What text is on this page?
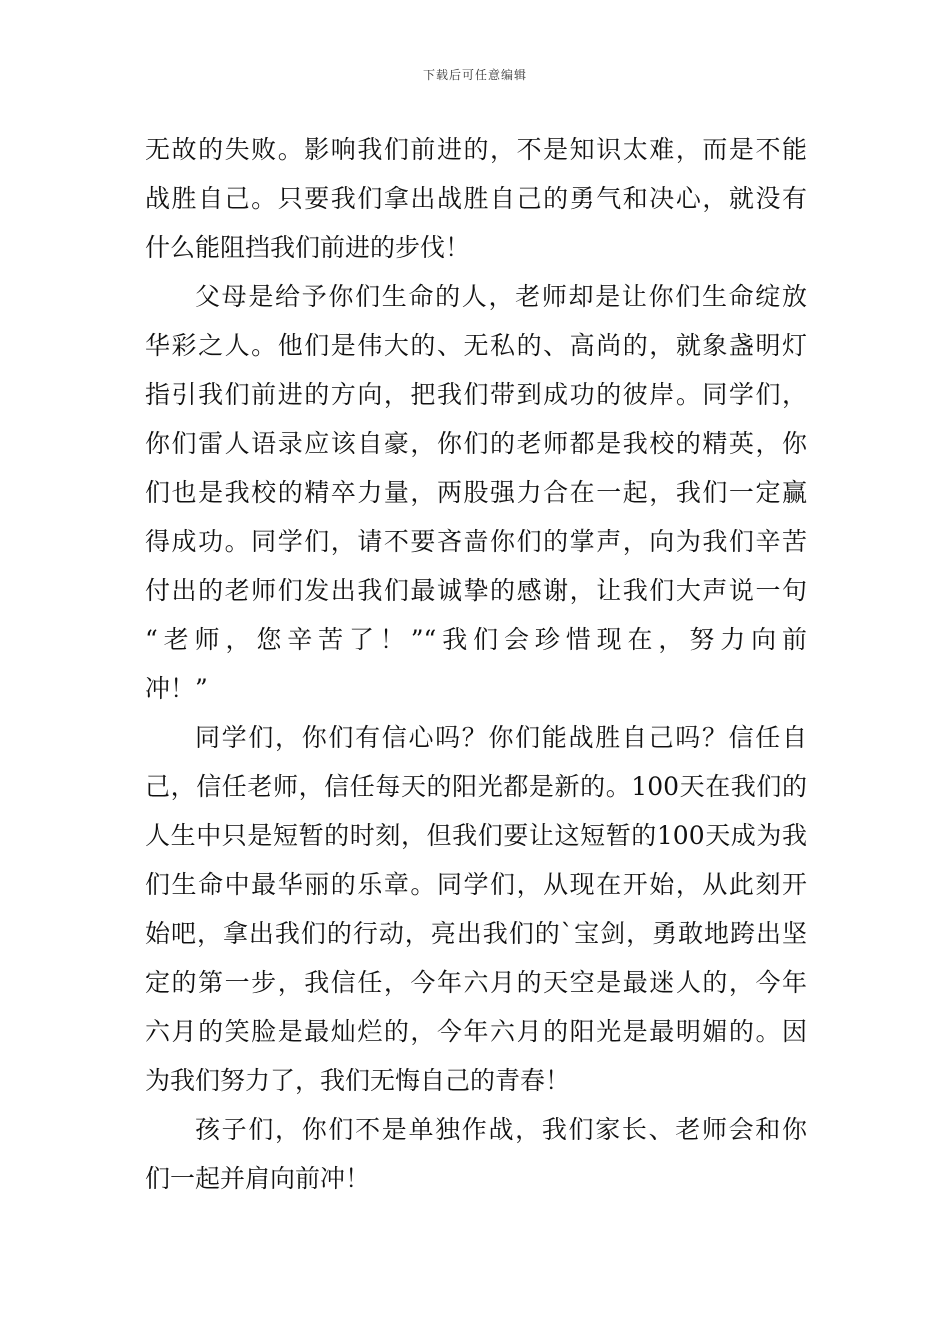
下载后可任意编辑
无故的失败。影响我们前进的，不是知识太难，而是不能
战胜自己。只要我们拿出战胜自己的勇气和决心，就没有
什么能阻挡我们前进的步伐！
父母是给予你们生命的人，老师却是让你们生命绽放
华彩之人。他们是伟大的、无私的、高尚的，就象盏明灯
指引我们前进的方向，把我们带到成功的彼岸。同学们，
你们雷人语录应该自豪，你们的老师都是我校的精英，你
们也是我校的精卒力量，两股强力合在一起，我们一定赢
得成功。同学们，请不要吝啬你们的掌声，向为我们辛苦
付出的老师们发出我们最诚挚的感谢，让我们大声说一句
“老师，您辛苦了！”“我们会珍惜现在，努力向前
冲！”
同学们，你们有信心吗？你们能战胜自己吗？信任自
己，信任老师，信任每天的阳光都是新的。100天在我们的
人生中只是短暂的时刻，但我们要让这短暂的100天成为我
们生命中最华丽的乐章。同学们，从现在开始，从此刻开
始吧，拿出我们的行动，亮出我们的`宝剑，勇敢地跨出坚
定的第一步，我信任，今年六月的天空是最迷人的，今年
六月的笑脸是最灿烂的，今年六月的阳光是最明媚的。因
为我们努力了，我们无悔自己的青春！
孩子们，你们不是单独作战，我们家长、老师会和你
们一起并肩向前冲！
